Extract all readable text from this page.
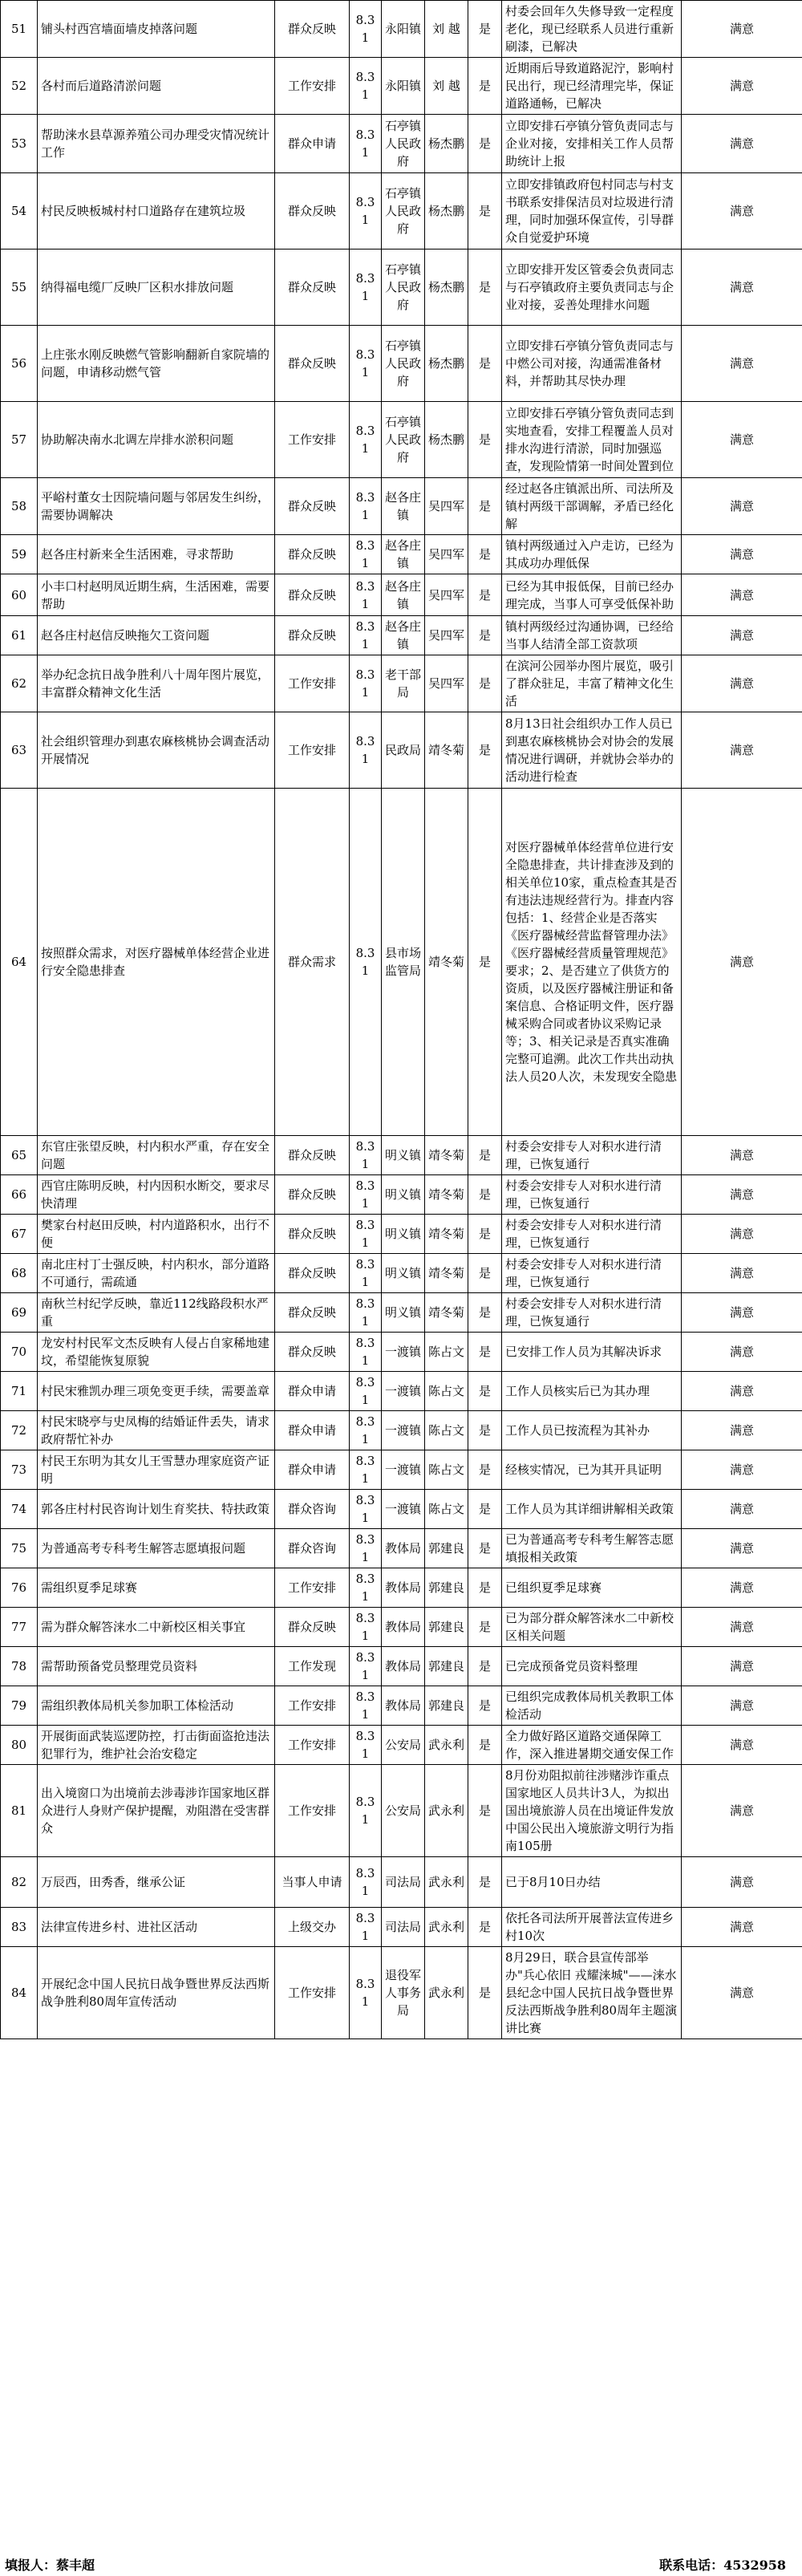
51	铺头村西宫墙面墙皮掉落问题	群众反映	8.31	永阳镇	刘 越	是	村委会回年久失修导致一定程度老化，现已经联系人员进行重新刷漆，已解决	满意
52	各村而后道路清淤问题	工作安排	8.31	永阳镇	刘 越	是	近期雨后导致道路泥泞，影响村民出行，现已经清理完毕，保证道路通畅，已解决	满意
53	帮助涞水县草源养殖公司办理受灾情况统计工作	群众申请	8.31	石亭镇人民政府	杨杰鹏	是	立即安排石亭镇分管负责同志与企业对接，安排相关工作人员帮助统计上报	满意
54	村民反映板城村村口道路存在建筑垃圾	群众反映	8.31	石亭镇人民政府	杨杰鹏	是	立即安排镇政府包村同志与村支书联系安排保洁员对垃圾进行清理，同时加强环保宣传，引导群众自觉爱护环境	满意
55	纳得福电缆厂反映厂区积水排放问题	群众反映	8.31	石亭镇人民政府	杨杰鹏	是	立即安排开发区管委会负责同志与石亭镇政府主要负责同志与企业对接，妥善处理排水问题	满意
56	上庄张水刚反映燃气管影响翻新自家院墙的问题，申请移动燃气管	群众反映	8.31	石亭镇人民政府	杨杰鹏	是	立即安排石亭镇分管负责同志与中燃公司对接，沟通需准备材料，并帮助其尽快办理	满意
57	协助解决南水北调左岸排水淤积问题	工作安排	8.31	石亭镇人民政府	杨杰鹏	是	立即安排石亭镇分管负责同志到实地查看，安排工程覆盖人员对排水沟进行清淤，同时加强巡查，发现险情第一时间处置到位	满意
58	平峪村董女士因院墙问题与邻居发生纠纷，需要协调解决	群众反映	8.31	赵各庄镇	吴四军	是	经过赵各庄镇派出所、司法所及镇村两级干部调解，矛盾已经化解	满意
59	赵各庄村新来全生活困难，寻求帮助	群众反映	8.31	赵各庄镇	吴四军	是	镇村两级通过入户走访，已经为其成功办理低保	满意
60	小丰口村赵明凤近期生病，生活困难，需要帮助	群众反映	8.31	赵各庄镇	吴四军	是	已经为其申报低保，目前已经办理完成，当事人可享受低保补助	满意
61	赵各庄村赵信反映拖欠工资问题	群众反映	8.31	赵各庄镇	吴四军	是	镇村两级经过沟通协调，已经给当事人结清全部工资款项	满意
62	举办纪念抗日战争胜利八十周年图片展览，丰富群众精神文化生活	工作安排	8.31	老干部局	吴四军	是	在滨河公园举办图片展览，吸引了群众驻足，丰富了精神文化生活	满意
63	社会组织管理办到惠农麻核桃协会调查活动开展情况	工作安排	8.31	民政局	靖冬菊	是	8月13日社会组织办工作人员已到惠农麻核桃协会对协会的发展情况进行调研，并就协会举办的活动进行检查	满意
64	按照群众需求，对医疗器械单体经营企业进行安全隐患排查	群众需求	8.31	县市场监管局	靖冬菊	是	对医疗器械单体经营单位进行安全隐患排查，共计排查涉及到的相关单位10家，重点检查其是否有违法违规经营行为。排查内容包括：1、经营企业是否落实《医疗器械经营监督管理办法》《医疗器械经营质量管理规范》要求；2、是否建立了供货方的资质，以及医疗器械注册证和备案信息、合格证明文件，医疗器械采购合同或者协议采购记录等；3、相关记录是否真实准确完整可追溯。此次工作共出动执法人员20人次，未发现安全隐患	满意
65	东官庄张望反映，村内积水严重，存在安全问题	群众反映	8.31	明义镇	靖冬菊	是	村委会安排专人对积水进行清理，已恢复通行	满意
66	西官庄陈明反映，村内因积水断交，要求尽快清理	群众反映	8.31	明义镇	靖冬菊	是	村委会安排专人对积水进行清理，已恢复通行	满意
67	樊家台村赵田反映，村内道路积水，出行不便	群众反映	8.31	明义镇	靖冬菊	是	村委会安排专人对积水进行清理，已恢复通行	满意
68	南北庄村丁士强反映，村内积水，部分道路不可通行，需疏通	群众反映	8.31	明义镇	靖冬菊	是	村委会安排专人对积水进行清理，已恢复通行	满意
69	南秋兰村纪学反映，靠近112线路段积水严重	群众反映	8.31	明义镇	靖冬菊	是	村委会安排专人对积水进行清理，已恢复通行	满意
70	龙安村村民军文杰反映有人侵占自家稀地建坟，希望能恢复原貌	群众反映	8.31	一渡镇	陈占文	是	已安排工作人员为其解决诉求	满意
71	村民宋雅凯办理三项免变更手续，需要盖章	群众申请	8.31	一渡镇	陈占文	是	工作人员核实后已为其办理	满意
72	村民宋晓亭与史凤梅的结婚证件丢失，请求政府帮忙补办	群众申请	8.31	一渡镇	陈占文	是	工作人员已按流程为其补办	满意
73	村民王东明为其女儿王雪慧办理家庭资产证明	群众申请	8.31	一渡镇	陈占文	是	经核实情况，已为其开具证明	满意
74	郭各庄村村民咨询计划生育奖扶、特扶政策	群众咨询	8.31	一渡镇	陈占文	是	工作人员为其详细讲解相关政策	满意
75	为普通高考专科考生解答志愿填报问题	群众咨询	8.31	教体局	郭建良	是	已为普通高考专科考生解答志愿填报相关政策	满意
76	需组织夏季足球赛	工作安排	8.31	教体局	郭建良	是	已组织夏季足球赛	满意
77	需为群众解答涞水二中新校区相关事宜	群众反映	8.31	教体局	郭建良	是	已为部分群众解答涞水二中新校区相关问题	满意
78	需帮助预备党员整理党员资料	工作发现	8.31	教体局	郭建良	是	已完成预备党员资料整理	满意
79	需组织教体局机关参加职工体检活动	工作安排	8.31	教体局	郭建良	是	已组织完成教体局机关教职工体检活动	满意
80	开展街面武装巡逻防控，打击街面盗抢违法犯罪行为，维护社会治安稳定	工作安排	8.31	公安局	武永利	是	全力做好路区道路交通保障工作，深入推进暑期交通安保工作	满意
81	出入境窗口为出境前去涉毒涉诈国家地区群众进行人身财产保护提醒，劝阻潜在受害群众	工作安排	8.31	公安局	武永利	是	8月份劝阻拟前往涉赌涉诈重点国家地区人员共计3人，为拟出国出境旅游人员在出境证件发放中国公民出入境旅游文明行为指南105册	满意
82	万辰西，田秀香，继承公证	当事人申请	8.31	司法局	武永利	是	已于8月10日办结	满意
83	法律宣传进乡村、进社区活动	上级交办	8.31	司法局	武永利	是	依托各司法所开展普法宣传进乡村10次	满意
84	开展纪念中国人民抗日战争暨世界反法西斯战争胜利80周年宣传活动	工作安排	8.31	退役军人事务局	武永利	是	8月29日，联合县宣传部举办"兵心依旧 戎耀涞城"——涞水县纪念中国人民抗日战争暨世界反法西斯战争胜利80周年主题演讲比赛	满意
填报人：蔡丰超	联系电话：4532958
